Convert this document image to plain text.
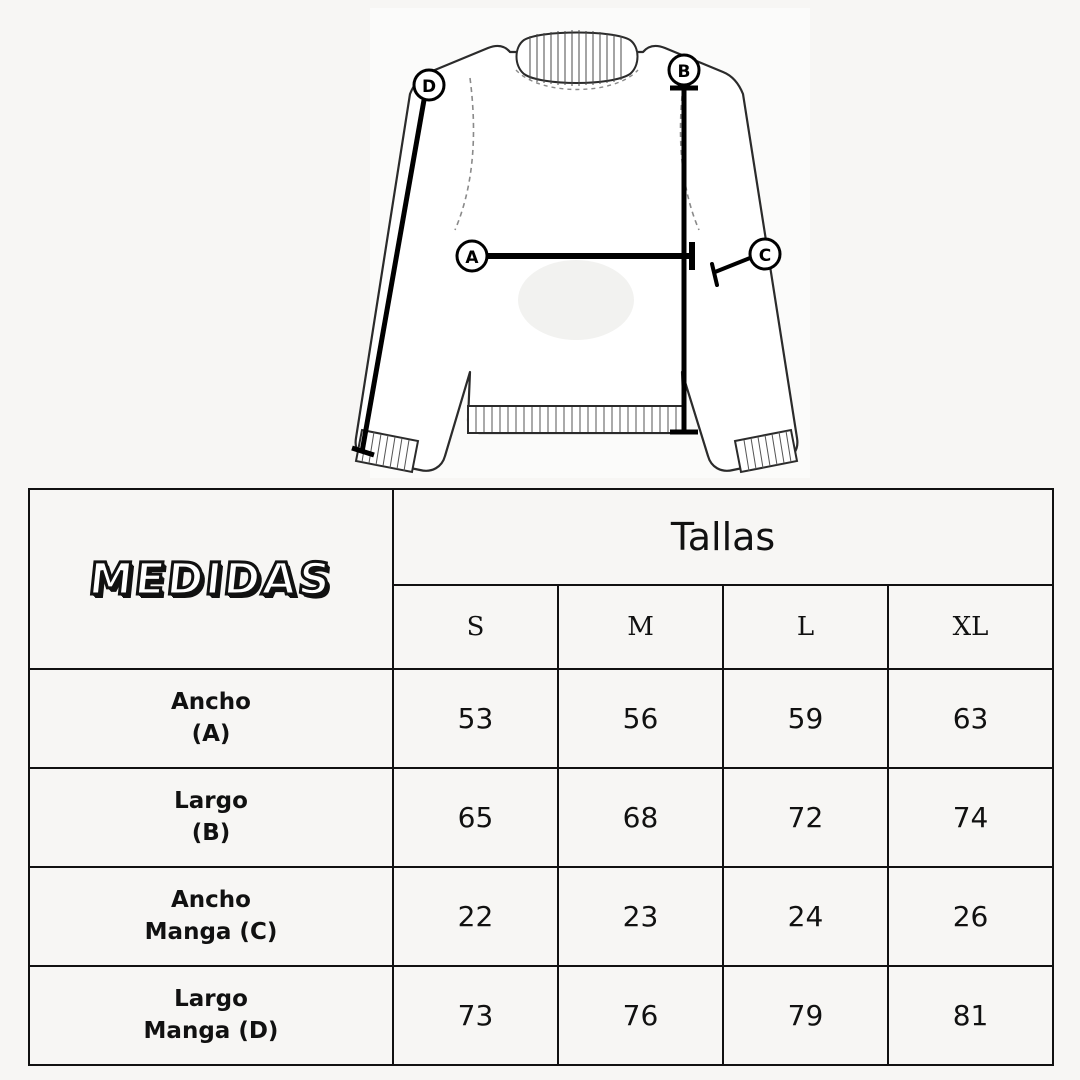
B
A	C
D
MEDIDAS	Tallas			
	S	M	L	XL

Ancho
(A)	53	56	59	63

Largo
(B)	65	68	72	74

Ancho
Manga (C)	22	23	24	26

Largo
Manga (D)	73	76	79	81
